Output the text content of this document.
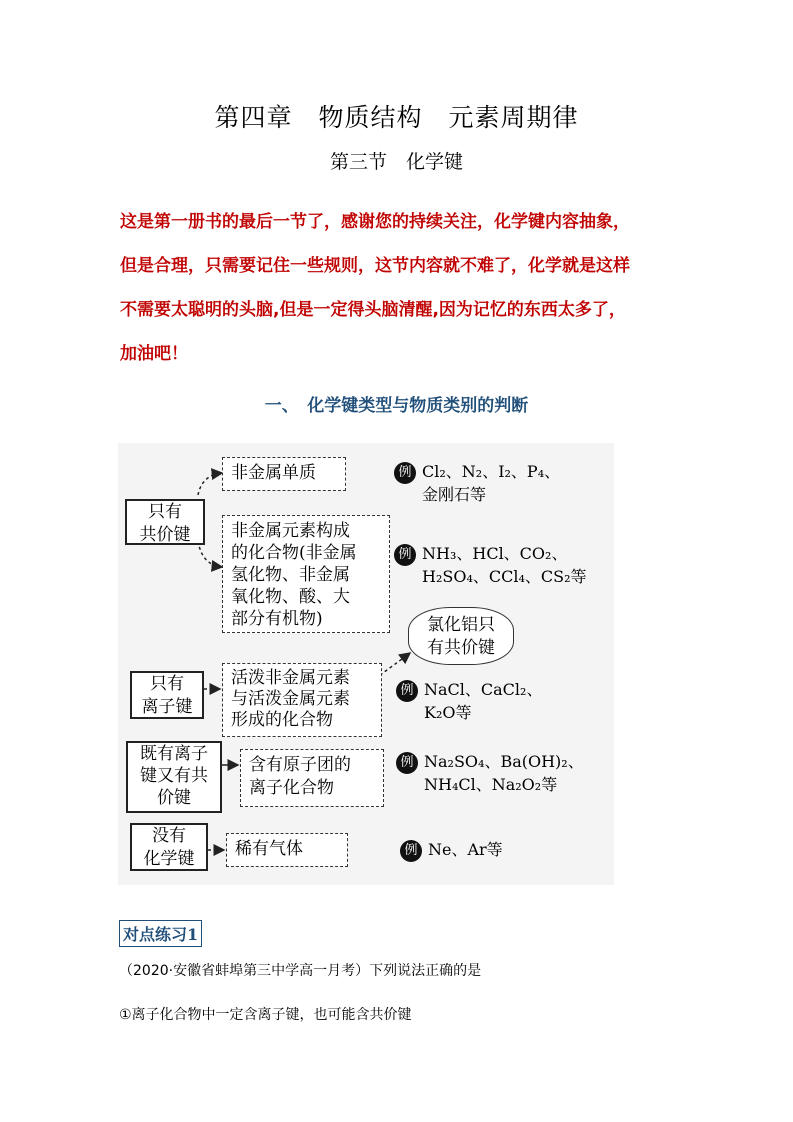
第四章　物质结构　元素周期律
第三节　化学键
这是第一册书的最后一节了，感谢您的持续关注，化学键内容抽象，
但是合理，只需要记住一些规则，这节内容就不难了，化学就是这样
不需要太聪明的头脑,但是一定得头脑清醒,因为记忆的东西太多了，
加油吧！
一、　化学键类型与物质类别的判断
只有
共价键
非金属单质	例 Cl₂、N₂、I₂、P₄、
金刚石等
非金属元素构成
的化合物(非金属
氢化物、非金属
氧化物、酸、大
部分有机物)
例 NH₃、HCl、CO₂、
H₂SO₄、CCl₄、CS₂等
氯化铝只
有共价键
只有
离子键
活泼非金属元素
与活泼金属元素
形成的化合物
例 NaCl、CaCl₂、
K₂O等
既有离子
键又有共
价键
含有原子团的
离子化合物
例 Na₂SO₄、Ba(OH)₂、
NH₄Cl、Na₂O₂等
没有
化学键	稀有气体	例 Ne、Ar等
对点练习1
（2020·安徽省蚌埠第三中学高一月考）下列说法正确的是
①离子化合物中一定含离子键，也可能含共价键
